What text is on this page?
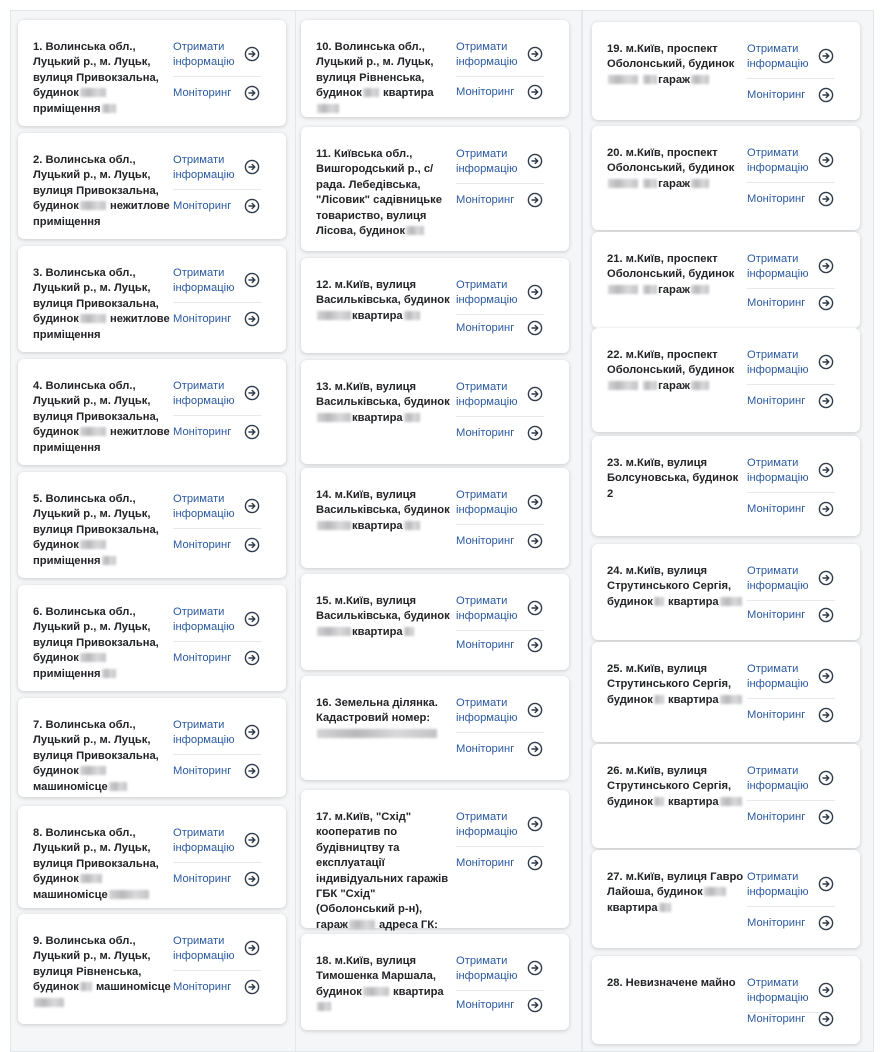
1. Волинська обл., Луцький р., м. Луцьк, вулиця Привокзальна, будинок приміщення
Отримати інформацію
Моніторинг
2. Волинська обл., Луцький р., м. Луцьк, вулиця Привокзальна, будинок	нежитлове приміщення
Отримати інформацію
Моніторинг
3. Волинська обл., Луцький р., м. Луцьк, вулиця Привокзальна, будинок	нежитлове приміщення
Отримати інформацію
Моніторинг
4. Волинська обл., Луцький р., м. Луцьк, вулиця Привокзальна, будинок	нежитлове приміщення
Отримати інформацію
Моніторинг
5. Волинська обл., Луцький р., м. Луцьк, вулиця Привокзальна, будинок приміщення
Отримати інформацію
Моніторинг
6. Волинська обл., Луцький р., м. Луцьк, вулиця Привокзальна, будинок приміщення
Отримати інформацію
Моніторинг
7. Волинська обл., Луцький р., м. Луцьк, вулиця Привокзальна, будинок машиномісце
Отримати інформацію
Моніторинг
8. Волинська обл., Луцький р., м. Луцьк, вулиця Привокзальна, будинок машиномісце
Отримати інформацію
Моніторинг
9. Волинська обл., Луцький р., м. Луцьк, вулиця Рівненська, будинок машиномісце

Отримати інформацію
Моніторинг
10. Волинська обл., Луцький р., м. Луцьк, вулиця Рівненська, будинок квартира
Отримати інформацію
Моніторинг
11. Київська обл., Вишгородський р., с/ рада. Лебедівська, "Лісовик" садівницьке товариство, вулиця Лісова, будинок
Отримати інформацію
Моніторинг
12. м.Київ, вулиця Васильківська, будинок
квартира
Отримати інформацію
Моніторинг
13. м.Київ, вулиця Васильківська, будинок
квартира
Отримати інформацію
Моніторинг
14. м.Київ, вулиця Васильківська, будинок
квартира
Отримати інформацію
Моніторинг
15. м.Київ, вулиця Васильківська, будинок
квартира
Отримати інформацію
Моніторинг
16. Земельна ділянка. Кадастровий номер:

Отримати інформацію
Моніторинг
17. м.Київ, "Схід" кооператив по будівництву та експлуатації індивідуальних гаражів ГБК "Схід" (Оболонський р-н), гараж	адреса ГК:
Отримати інформацію
Моніторинг
18. м.Київ, вулиця Тимошенка Маршала, будинок	квартира
Отримати інформацію
Моніторинг
19. м.Київ, проспект Оболонський, будинок гараж
Отримати інформацію
Моніторинг
20. м.Київ, проспект Оболонський, будинок гараж
Отримати інформацію
Моніторинг
21. м.Київ, проспект Оболонський, будинок гараж
Отримати інформацію
Моніторинг
22. м.Київ, проспект Оболонський, будинок гараж
Отримати інформацію
Моніторинг
23. м.Київ, вулиця Болсуновська, будинок 2
Отримати інформацію
Моніторинг
24. м.Київ, вулиця Струтинського Сергія, будинок квартира
Отримати інформацію
Моніторинг
25. м.Київ, вулиця Струтинського Сергія, будинок квартира
Отримати інформацію
Моніторинг
26. м.Київ, вулиця Струтинського Сергія, будинок квартира
Отримати інформацію
Моніторинг
27. м.Київ, вулиця Гавро Лайоша, будинок квартира
Отримати інформацію
Моніторинг
28. Невизначене майно	Отримати інформацію
Моніторинг
